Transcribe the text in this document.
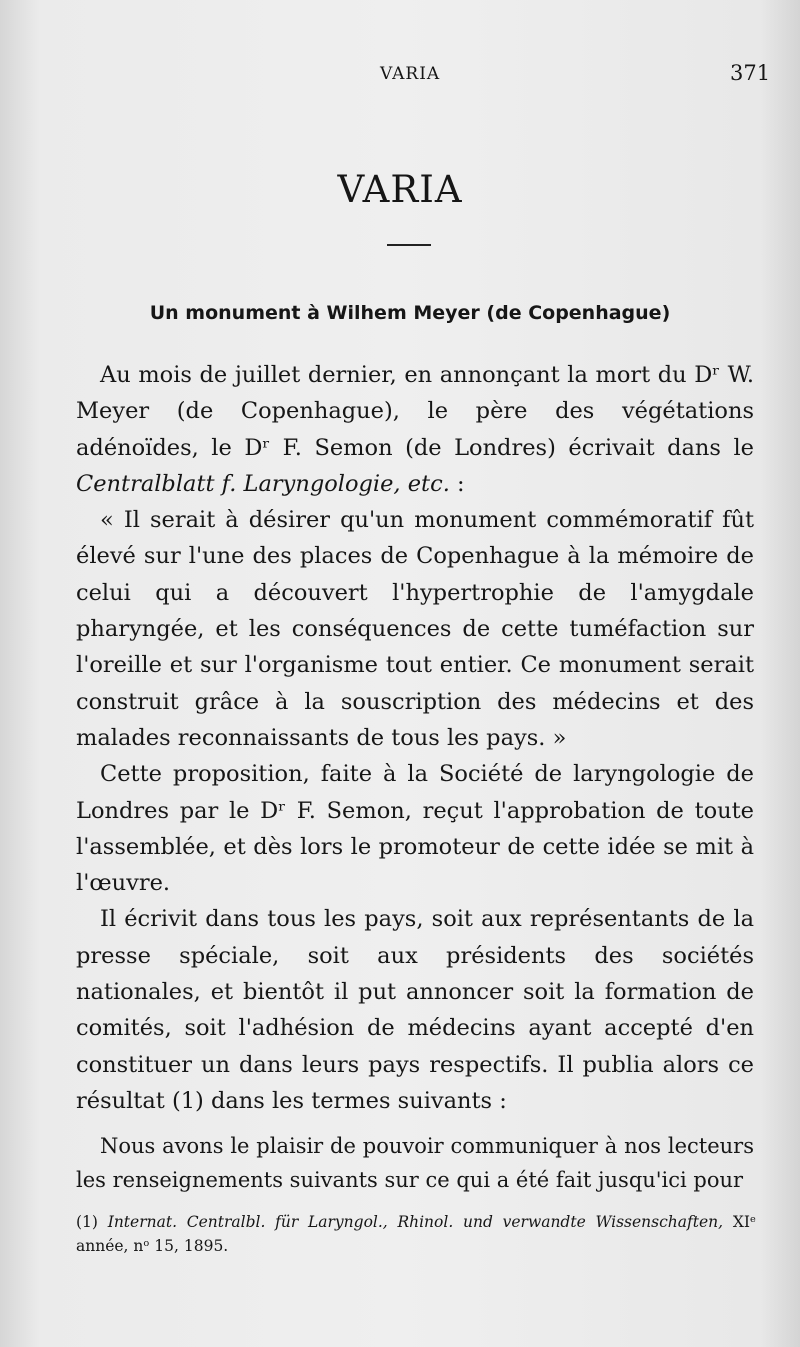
VARIA	371
VARIA
Un monument à Wilhem Meyer (de Copenhague)

Au mois de juillet dernier, en annonçant la mort du Dʳ W. Meyer (de Copenhague), le père des végétations adénoïdes, le Dʳ F. Semon (de Londres) écrivait dans le Centralblatt f. Laryngologie, etc. :

« Il serait à désirer qu'un monument commémoratif fût élevé sur l'une des places de Copenhague à la mémoire de celui qui a découvert l'hypertrophie de l'amygdale pharyngée, et les conséquences de cette tuméfaction sur l'oreille et sur l'organisme tout entier. Ce monument serait construit grâce à la souscription des médecins et des malades reconnaissants de tous les pays. »

Cette proposition, faite à la Société de laryngologie de Londres par le Dʳ F. Semon, reçut l'approbation de toute l'assemblée, et dès lors le promoteur de cette idée se mit à l'œuvre.

Il écrivit dans tous les pays, soit aux représentants de la presse spéciale, soit aux présidents des sociétés nationales, et bientôt il put annoncer soit la formation de comités, soit l'adhésion de médecins ayant accepté d'en constituer un dans leurs pays respectifs. Il publia alors ce résultat (1) dans les termes suivants :

Nous avons le plaisir de pouvoir communiquer à nos lecteurs les renseignements suivants sur ce qui a été fait jusqu'ici pour

(1) Internat. Centralbl. für Laryngol., Rhinol. und verwandte Wissenschaften, XIᵉ année, nᵒ 15, 1895.
